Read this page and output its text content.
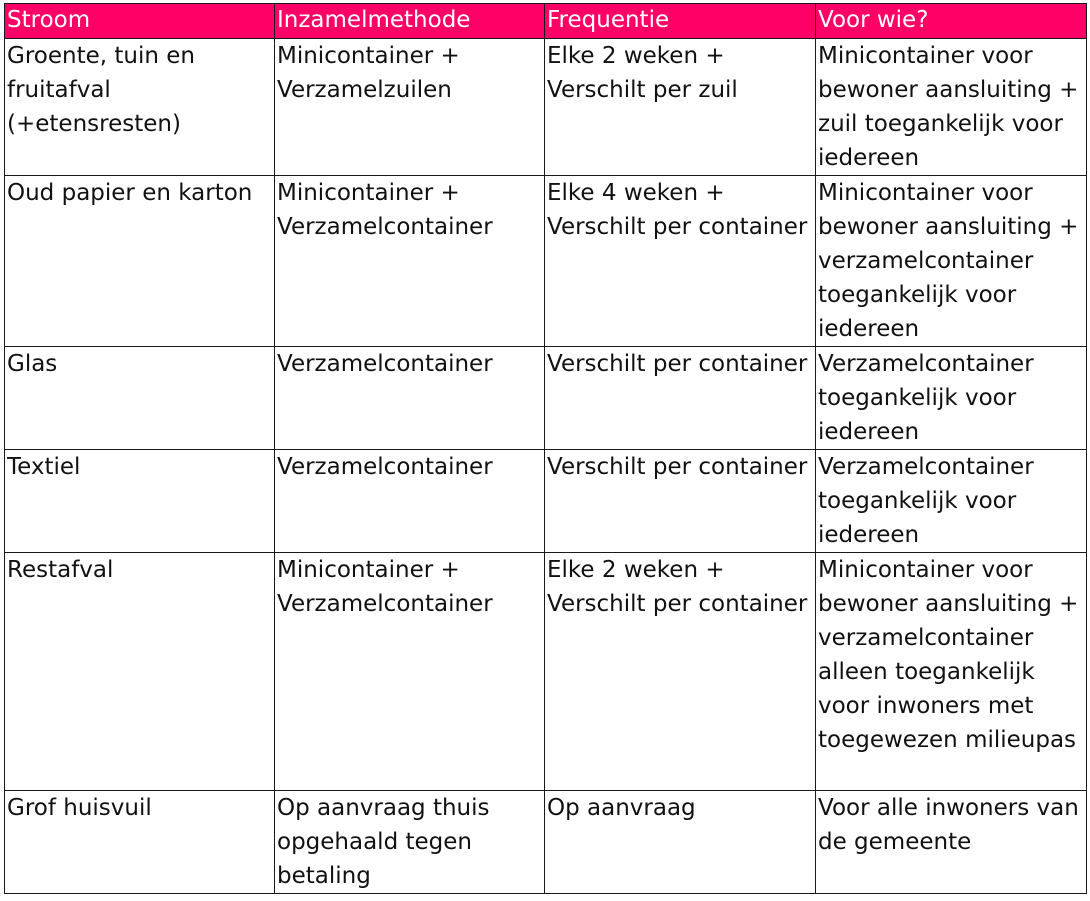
Stroom	Inzamelmethode	Frequentie	Voor wie?
Groente, tuin en fruitafval (+etensresten)	Minicontainer + Verzamelzuilen	Elke 2 weken + Verschilt per zuil	Minicontainer voor bewoner aansluiting + zuil toegankelijk voor iedereen
Oud papier en karton	Minicontainer + Verzamelcontainer	Elke 4 weken + Verschilt per container	Minicontainer voor bewoner aansluiting + verzamelcontainer toegankelijk voor iedereen
Glas	Verzamelcontainer	Verschilt per container	Verzamelcontainer toegankelijk voor iedereen
Textiel	Verzamelcontainer	Verschilt per container	Verzamelcontainer toegankelijk voor iedereen
Restafval	Minicontainer + Verzamelcontainer	Elke 2 weken + Verschilt per container	Minicontainer voor bewoner aansluiting + verzamelcontainer alleen toegankelijk voor inwoners met toegewezen milieupas
Grof huisvuil	Op aanvraag thuis opgehaald tegen betaling	Op aanvraag	Voor alle inwoners van de gemeente
